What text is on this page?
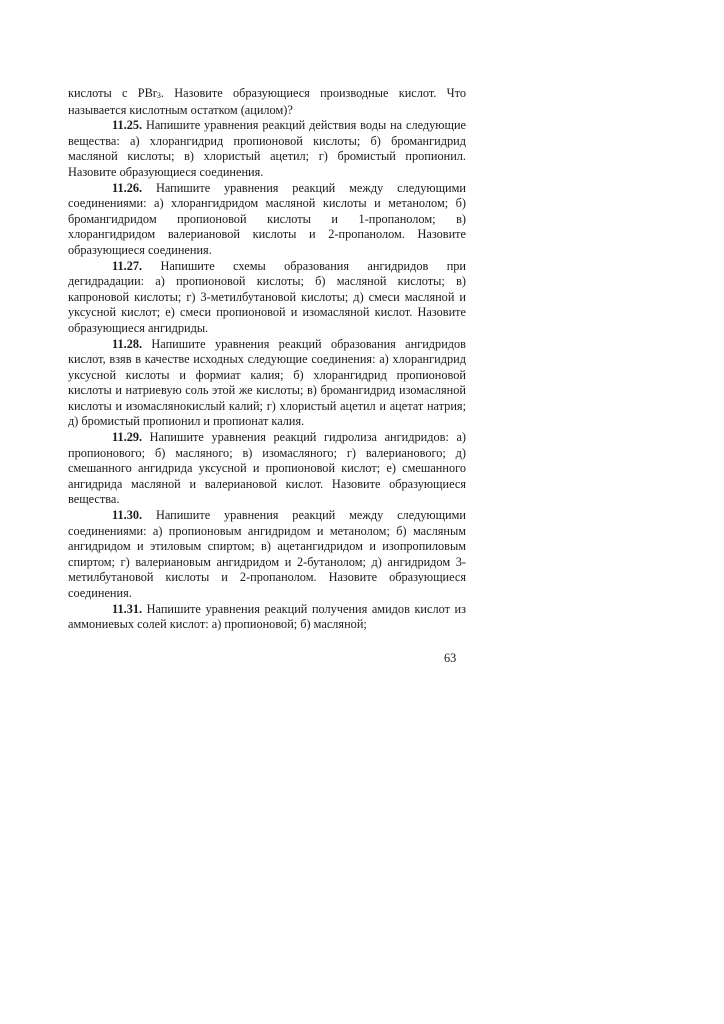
кислоты с PBr$_3$. Назовите образующиеся производные кислот. Что называется кислотным остатком (ацилом)?

11.25. Напишите уравнения реакций действия воды на следующие вещества: а) хлорангидрид пропионовой кислоты; б) бромангидрид масляной кислоты; в) хлористый ацетил; г) бромистый пропионил. Назовите образующиеся соединения.

11.26. Напишите уравнения реакций между следующими соединениями: а) хлорангидридом масляной кислоты и метанолом; б) бромангидридом пропионовой кислоты и 1-пропанолом; в) хлорангидридом валериановой кислоты и 2-пропанолом. Назовите образующиеся соединения.

11.27. Напишите схемы образования ангидридов при дегидрадации: а) пропионовой кислоты; б) масляной кислоты; в) капроновой кислоты; г) 3-метилбутановой кислоты; д) смеси масляной и уксусной кислот; е) смеси пропионовой и изомасляной кислот. Назовите образующиеся ангидриды.

11.28. Напишите уравнения реакций образования ангидридов кислот, взяв в качестве исходных следующие соединения: а) хлорангидрид уксусной кислоты и формиат калия; б) хлорангидрид пропионовой кислоты и натриевую соль этой же кислоты; в) бромангидрид изомасляной кислоты и изомаслянокислый калий; г) хлористый ацетил и ацетат натрия; д) бромистый пропионил и пропионат калия.

11.29. Напишите уравнения реакций гидролиза ангидридов: а) пропионового; б) масляного; в) изомасляного; г) валерианового; д) смешанного ангидрида уксусной и пропионовой кислот; е) смешанного ангидрида масляной и валериановой кислот. Назовите образующиеся вещества.

11.30. Напишите уравнения реакций между следующими соединениями: а) пропионовым ангидридом и метанолом; б) масляным ангидридом и этиловым спиртом; в) ацетангидридом и изопропиловым спиртом; г) валериановым ангидридом и 2-бутанолом; д) ангидридом 3-метилбутановой кислоты и 2-пропанолом. Назовите образующиеся соединения.

11.31. Напишите уравнения реакций получения амидов кислот из аммониевых солей кислот: а) пропионовой; б) масляной;

63
